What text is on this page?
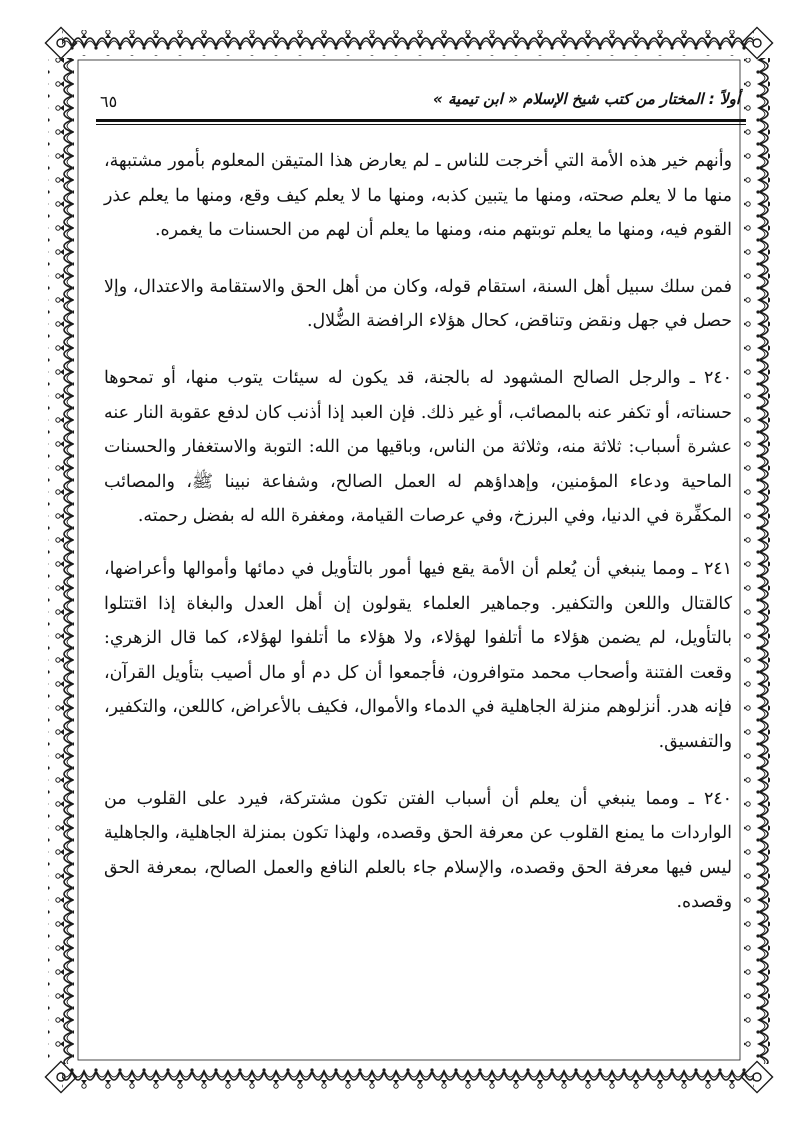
أولاً : المختار من كتب شيخ الإسلام « ابن تيمية »
٦٥

وأنهم خير هذه الأمة التي أخرجت للناس ـ لم يعارض هذا المتيقن المعلوم بأمور مشتبهة، منها ما لا يعلم صحته، ومنها ما يتبين كذبه، ومنها ما لا يعلم كيف وقع، ومنها ما يعلم عذر القوم فيه، ومنها ما يعلم توبتهم منه، ومنها ما يعلم أن لهم من الحسنات ما يغمره.

فمن سلك سبيل أهل السنة، استقام قوله، وكان من أهل الحق والاستقامة والاعتدال، وإلا حصل في جهل ونقض وتناقض، كحال هؤلاء الرافضة الضُّلال.

٢٤٠ ـ والرجل الصالح المشهود له بالجنة، قد يكون له سيئات يتوب منها، أو تمحوها حسناته، أو تكفر عنه بالمصائب، أو غير ذلك. فإن العبد إذا أذنب كان لدفع عقوبة النار عنه عشرة أسباب: ثلاثة منه، وثلاثة من الناس، وباقيها من الله: التوبة والاستغفار والحسنات الماحية ودعاء المؤمنين، وإهداؤهم له العمل الصالح، وشفاعة نبينا ﷺ، والمصائب المكفِّرة في الدنيا، وفي البرزخ، وفي عرصات القيامة، ومغفرة الله له بفضل رحمته.

٢٤١ ـ ومما ينبغي أن يُعلم أن الأمة يقع فيها أمور بالتأويل في دمائها وأموالها وأعراضها، كالقتال واللعن والتكفير. وجماهير العلماء يقولون إن أهل العدل والبغاة إذا اقتتلوا بالتأويل، لم يضمن هؤلاء ما أتلفوا لهؤلاء، ولا هؤلاء ما أتلفوا لهؤلاء، كما قال الزهري: وقعت الفتنة وأصحاب محمد متوافرون، فأجمعوا أن كل دم أو مال أصيب بتأويل القرآن، فإنه هدر. أنزلوهم منزلة الجاهلية في الدماء والأموال، فكيف بالأعراض، كاللعن، والتكفير، والتفسيق.

٢٤٠ ـ ومما ينبغي أن يعلم أن أسباب الفتن تكون مشتركة، فيرد على القلوب من الواردات ما يمنع القلوب عن معرفة الحق وقصده، ولهذا تكون بمنزلة الجاهلية، والجاهلية ليس فيها معرفة الحق وقصده، والإسلام جاء بالعلم النافع والعمل الصالح، بمعرفة الحق وقصده.
